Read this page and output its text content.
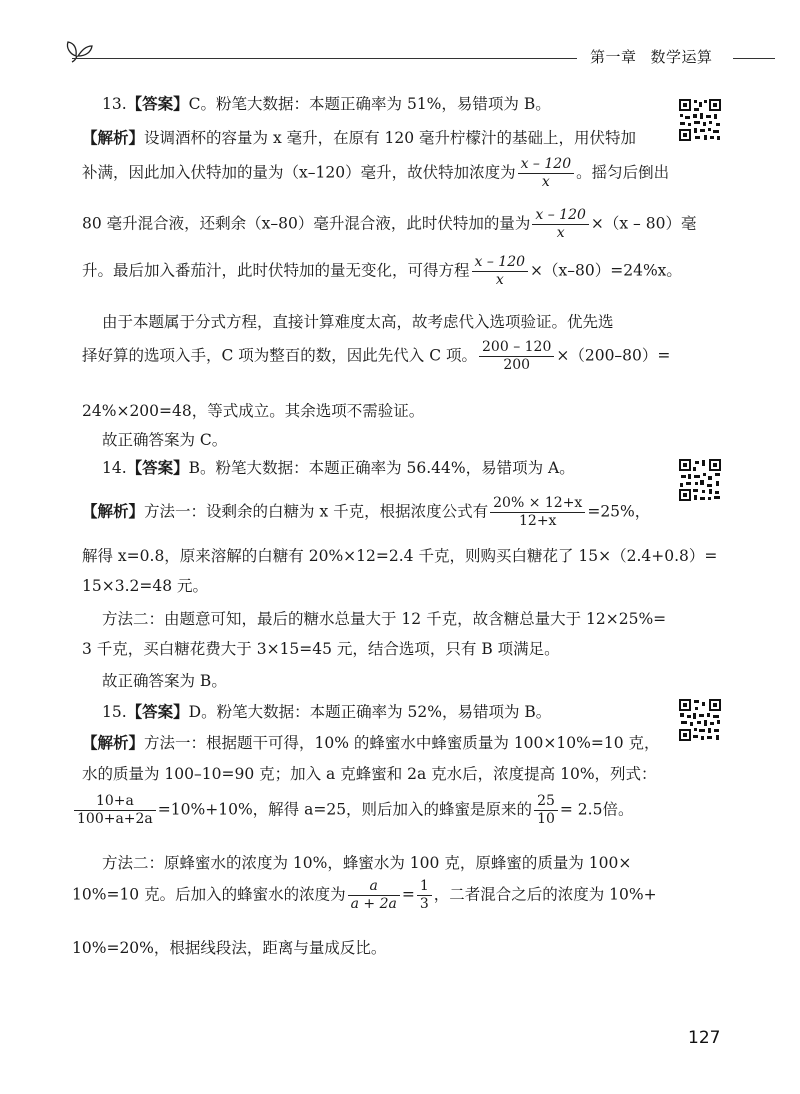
第一章 数学运算
13.【答案】C。粉笔大数据：本题正确率为 51%，易错项为 B。
【解析】设调酒杯的容量为 x 毫升，在原有 120 毫升柠檬汁的基础上，用伏特加
补满，因此加入伏特加的量为（x–120）毫升，故伏特加浓度为 $\frac{x - 120}{x}$ 。摇匀后倒出
80 毫升混合液，还剩余（x–80）毫升混合液，此时伏特加的量为 $\frac{x - 120}{x} \times(x - 80)$毫
升。最后加入番茄汁，此时伏特加的量无变化，可得方程 $\frac{x - 120}{x} \times(x-80)=24\%x$。
由于本题属于分式方程，直接计算难度太高，故考虑代入选项验证。优先选
择好算的选项入手，C 项为整百的数，因此先代入 C 项。 $\frac{200 - 120}{200} \times(200-80)=$
24%×200=48，等式成立。其余选项不需验证。
故正确答案为 C。
14.【答案】B。粉笔大数据：本题正确率为 56.44%，易错项为 A。
【解析】方法一：设剩余的白糖为 x 千克，根据浓度公式有 $\frac{20\% \times 12+x}{12+x} =25\%$，
解得 x=0.8，原来溶解的白糖有 20%×12=2.4 千克，则购买白糖花了 15×（2.4+0.8）=
15×3.2=48 元。
方法二：由题意可知，最后的糖水总量大于 12 千克，故含糖总量大于 12×25%=
3 千克，买白糖花费大于 3×15=45 元，结合选项，只有 B 项满足。
故正确答案为 B。
15.【答案】D。粉笔大数据：本题正确率为 52%，易错项为 B。
【解析】方法一：根据题干可得，10% 的蜂蜜水中蜂蜜质量为 100×10%=10 克，
水的质量为 100–10=90 克；加入 a 克蜂蜜和 2a 克水后，浓度提高 10%，列式：
$\frac{10+a}{100+a+2a} =10\%+10\%$，解得 a=25，则后加入的蜂蜜是原来的 $\frac{25}{10} = 2.5$倍。
方法二：原蜂蜜水的浓度为 10%，蜂蜜水为 100 克，原蜂蜜的质量为 100×
10%=10 克。后加入的蜂蜜水的浓度为 $\frac{a}{a + 2a} = \frac{1}{3}$ ，二者混合之后的浓度为 10%+
10%=20%，根据线段法，距离与量成反比。
127
